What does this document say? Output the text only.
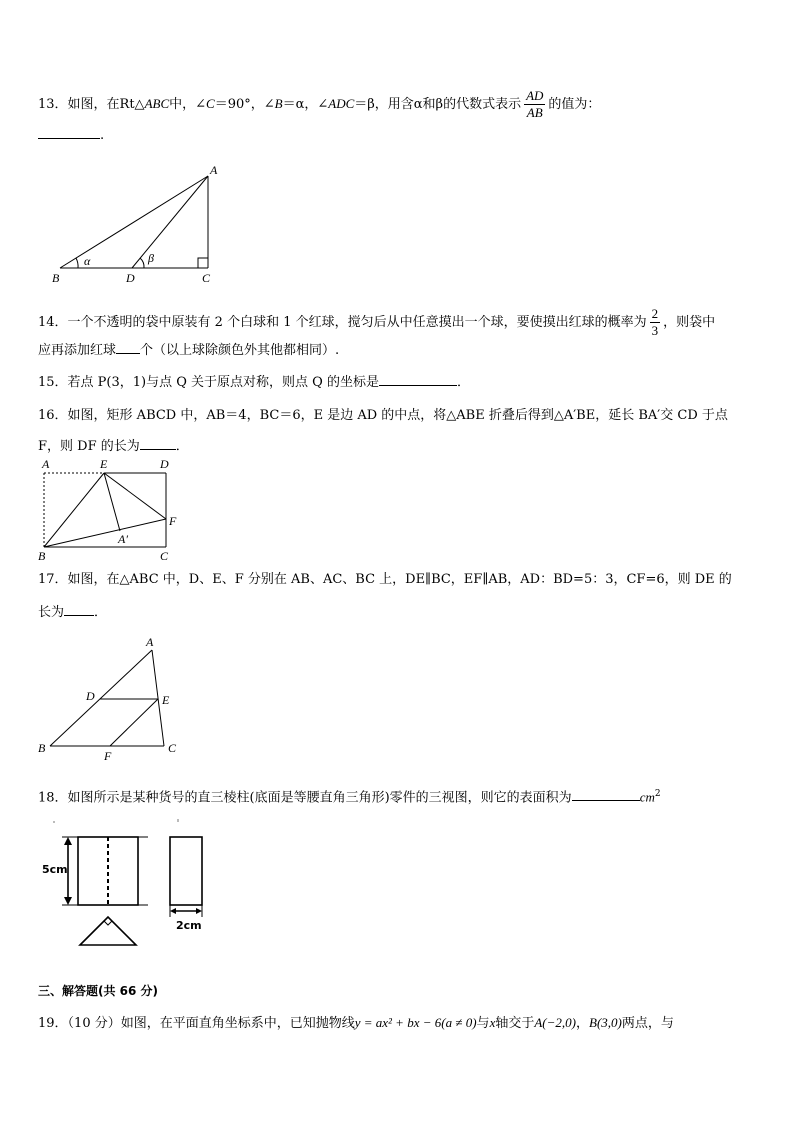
13．如图，在Rt△ABC中，∠C＝90°，∠B＝α，∠ADC＝β，用含α和β的代数式表示 $\frac{AD}{AB}$ 的值为：
.
A
B	D	C
α	β
14．一个不透明的袋中原装有 2 个白球和 1 个红球，搅匀后从中任意摸出一个球，要使摸出红球的概率为 $\frac{2}{3}$ ，则袋中
应再添加红球 个（以上球除颜色外其他都相同）.
15．若点 P(3，1)与点 Q 关于原点对称，则点 Q 的坐标是	．
16．如图，矩形 ABCD 中，AB＝4，BC＝6，E 是边 AD 的中点，将△ABE 折叠后得到△A′BE，延长 BA′交 CD 于点
F，则 DF 的长为	．
A	E	D
F
A′
B	C
17．如图，在△ABC 中，D、E、F 分别在 AB、AC、BC 上，DE∥BC，EF∥AB，AD：BD=5：3，CF=6，则 DE 的
长为 ．
A
D	E
B
F
C
18．如图所示是某种货号的直三棱柱(底面是等腰直角三角形)零件的三视图，则它的表面积为	$cm^2$
5cm
2cm
三、解答题(共 66 分)
19．（10 分）如图，在平面直角坐标系中，已知抛物线y = ax² + bx − 6(a ≠ 0)与x轴交于A(−2,0)，B(3,0)两点，与
